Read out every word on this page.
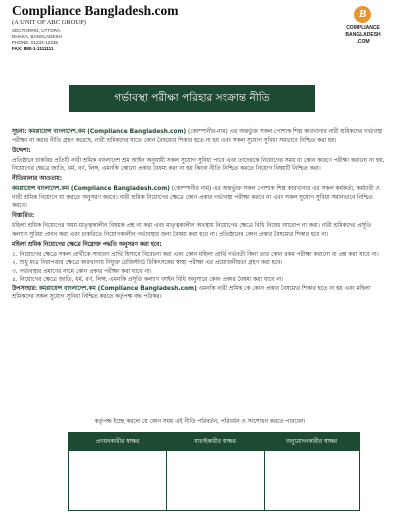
Compliance Bangladesh.com
(A UNIT OF ABC GROUP)
SECTOR#04, UTTORA,
DHAKA, BANGLADESH
PHONE: 01234-12345
FAX: 880-1-1111111
B
COMPLIANCE
BANGLADESH
.COM
গর্ভাবস্থা পরীক্ষা পরিহার সংক্রান্ত নীতি

সূচনা: কমপ্লায়েন্স বাংলাদেশ.কম (Compliance Bangladesh.com) (কোম্পানীর-নাম) এর অন্তর্ভুক্ত সকল পোশাক শিল্প কারখানার নারী শ্রমিকদের গর্ভাবস্থা পরীক্ষা না করার নীতি গ্রহণ করেছে, নারী শ্রমিকদের যাতে কোন বৈষম্যের শিকার হতে না হয় এবং সকল সুযোগ সুবিধা সমভাবে নিশ্চিত করা হয়।

উদ্দেশ্য:

প্রতিষ্ঠানে চাকরির প্রতিটি নারী শ্রমিক বাংলাদেশ শ্রম আইন অনুযায়ী সকল সুযোগ সুবিধা পাবে এবং তাদেরকে নিয়োগের সময় বা কোন কারণে পরীক্ষা করানো না হয়, নিয়োগের ক্ষেত্রে জাতি, ধর্ম, বর্ণ, লিঙ্গ, এমনকি কোনো প্রকার বৈষম্য করা না হয় কিংবা নীতি নিশ্চিত করতে নিয়োগ বিষয়টি নিশ্চিত করা।

নীতিমালার আওতায়:

কমপ্লায়েন্স বাংলাদেশ.কম (Compliance Bangladesh.com) (কোম্পানীর নাম) এর অন্তর্ভুক্ত সকল পোশাক শিল্প কারখানার এর সকল কর্মকর্তা, কর্মচারী ও নারী শ্রমিক নিয়োগে যা করতে অনুসরণ করবে। নারী শ্রমিক নিয়োগের ক্ষেত্রে কোন প্রকার গর্ভাবস্থা পরীক্ষা করবে না এবং সকল সুযোগ সুবিধা সমানভাবে নিশ্চিত করবে।

বিস্তারিত:

মহিলা শ্রমিক নিয়োগের সময় মাতৃত্বকালীন বিষয়ক প্রশ্ন না করা এবং মাতৃত্বকালীন অবস্থায় নিয়োগের ক্ষেত্রে বিধি নিষেধ আরোপ না করা। নারী শ্রমিকদের প্রসূতি কল্যাণ সুবিধা প্রদান করা এবং চাকরিতে নিয়োগকালীন গর্ভাবস্থার জন্য বৈষম্য করা হবে না। প্রতিষ্ঠানের কোন প্রকার বৈষম্যের শিকার হবে না।

মহিলা শ্রমিক নিয়োগের ক্ষেত্রে নিম্নোক্ত পদ্ধতি অনুসরণ করা হবে:

১. নিয়োগের ক্ষেত্রে সকল প্রার্থীকে সাধারণ প্রার্থি হিসাবে বিবেচনা করা এবং কোন মহিলা প্রার্থি গর্ভবতী কিনা তার কোন রকম পরীক্ষা করানো বা প্রশ্ন করা যাবে না।

২. শুধু মাত্র নিরাপত্তার ক্ষেত্রে কারখানায় নিযুক্ত রেজিস্টার্ড চিকিৎসকের স্বাস্থ্য পরীক্ষা এর প্রয়োজনীয়তা গ্রহণ করা হবে।

৩. গর্ভাবস্থার প্রমাণের নামে কোন প্রকার পরীক্ষা করা যাবে না।

৪. নিয়োগের ক্ষেত্রে জাতি, ধর্ম, বর্ণ, লিঙ্গ, এমনকি প্রসূতি কল্যাণ আইন বিধি অনুসারে কোন প্রকার বৈষম্য করা যাবে না।

উপসংহার: কমপ্লায়েন্স বাংলাদেশ.কম (Compliance Bangladesh.com) এমনকি নারী শ্রমিক কে কোন প্রকার বৈষম্যের শিকার হতে না হয় এবং মহিলা শ্রমিকদের সকল সুযোগ সুবিধা নিশ্চিত করতে কর্তৃপক্ষ বদ্ধ পরিকর।

কর্তৃপক্ষ ইচ্ছে করলে যে কোন সময় এই নীতি পরিবর্তন, পরিবর্ধন ও সংশোধন করতে পারবেন।
প্রণয়নকারীর স্বাক্ষর	যাচাইকারীর স্বাক্ষর	অনুমোদনকারীর স্বাক্ষর
